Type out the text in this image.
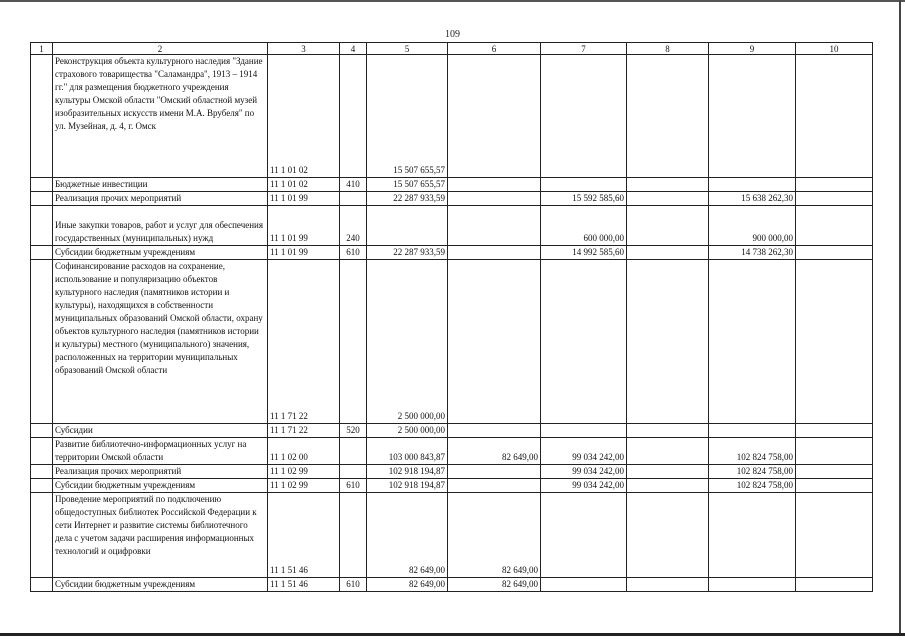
109
1	2	3	4	5	6	7	8	9	10
	Реконструкция объекта культурного наследия "Здание страхового товарищества "Саламандра", 1913 – 1914 гг." для размещения бюджетного учреждения культуры Омской области "Омский областной музей изобразительных искусств имени М.А. Врубеля" по ул. Музейная, д. 4, г. Омск	11 1 01 02		15 507 655,57					
	Бюджетные инвестиции	11 1 01 02	410	15 507 655,57					
	Реализация прочих мероприятий	11 1 01 99		22 287 933,59		15 592 585,60		15 638 262,30	
	Иные закупки товаров, работ и услуг для обеспечения государственных (муниципальных) нужд	11 1 01 99	240			600 000,00		900 000,00	
	Субсидии бюджетным учреждениям	11 1 01 99	610	22 287 933,59		14 992 585,60		14 738 262,30	
	Софинансирование расходов на сохранение, использование и популяризацию объектов культурного наследия (памятников истории и культуры), находящихся в собственности муниципальных образований Омской области, охрану объектов культурного наследия (памятников истории и культуры) местного (муниципального) значения, расположенных на территории муниципальных образований Омской области	11 1 71 22		2 500 000,00					
	Субсидии	11 1 71 22	520	2 500 000,00					
	Развитие библиотечно-информационных услуг на территории Омской области	11 1 02 00		103 000 843,87	82 649,00	99 034 242,00		102 824 758,00	
	Реализация прочих мероприятий	11 1 02 99		102 918 194,87		99 034 242,00		102 824 758,00	
	Субсидии бюджетным учреждениям	11 1 02 99	610	102 918 194,87		99 034 242,00		102 824 758,00	
	Проведение мероприятий по подключению общедоступных библиотек Российской Федерации к сети Интернет и развитие системы библиотечного дела с учетом задачи расширения информационных технологий и оцифровки	11 1 51 46		82 649,00	82 649,00				
	Субсидии бюджетным учреждениям	11 1 51 46	610	82 649,00	82 649,00				
